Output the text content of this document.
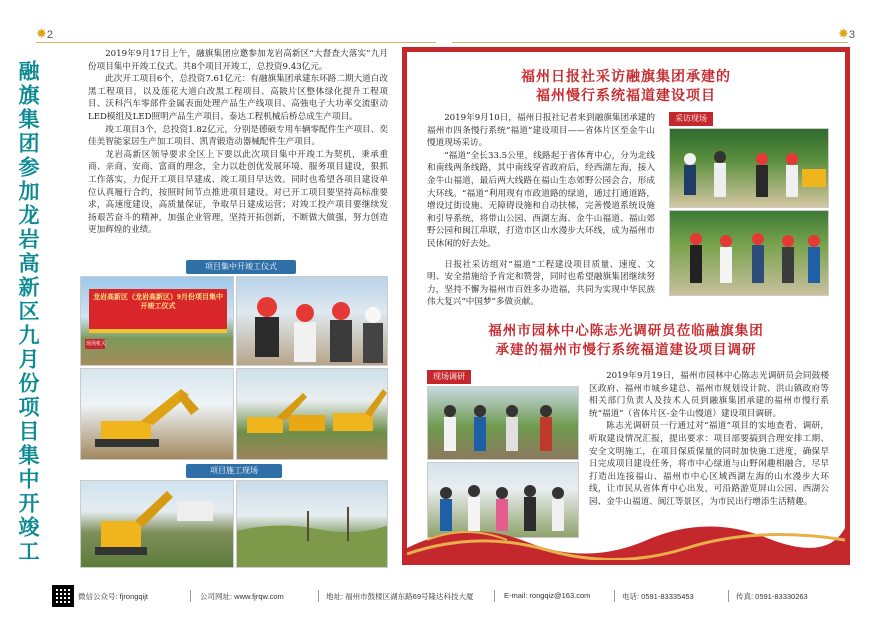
✸2
融旗集团参加龙岩高新区九月份项目集中开竣工

2019年9月17日上午，融旗集团应邀参加龙岩高新区“大督查大落实”九月份项目集中开竣工仪式。共8个项目开竣工，总投资9.43亿元。

此次开工项目6个，总投资7.61亿元：有融旗集团承建东环路二期大道白改黑工程项目，以及莲花大道白改黑工程项目、高陂片区整体绿化提升工程项目、沃科汽车零部件金属表面处理产品生产线项目、高強电子大功率交流驱动LED模组及LED照明产品生产项目、泰达工程机械后桥总成生产项目。

竣工项目3个，总投资1.82亿元，分别是德硕专用车辆零配件生产项目、奕佳美智能家居生产加工项目、凯青锻造动器械配件生产项目。

龙岩高新区领导要求全区上下要以此次项目集中开竣工为契机，秉承重商、亲商、安商、富商的理念，全力以赴创优发展环境、服务项目建设，狠抓工作落实，力促开工项目早建成、竣工项目早达效。同时也希望各项目建设单位认真履行合约，按照时间节点推进项目建设。对已开工项目要坚持高标准要求，高速度建设，高质量保证，争取早日建成运营；对竣工投产项目要继续发扬艰苦奋斗的精神，加强企业管理，坚持开拓创新，不断做大做强，努力创造更加辉煌的业绩。

项目集中开竣工仪式
龙岩高新区（龙岩高新区）9月份项目集中开竣工仪式
现场机关
项目施工现场
✸3
福州日报社采访融旗集团承建的
福州慢行系统福道建设项目

2019年9月10日，福州日报社记者来到融旗集团承建的福州市四条慢行系统“福道”建设项目——省体片区至金牛山慢道现场采访。

“福道”全长33.5公里，线路起于省体育中心，分为北线和南线两条线路，其中南线穿省政府后，经西湖左海，接入金牛山福道，最后两大线路在福山生态郊野公园会合，形成大环线。“福道”利用现有市政道路的绿道，通过打通道路，增设过街设施、无障碍设施和自动扶梯，完善慢道系统设施和引导系统，将带山公园、西湖左海、金牛山福道、福山郊野公园和闽江串联，打造市区山水漫步大环线，成为福州市民休闲的好去处。

日报社采访组对“福道”工程建设项目质量、速度、文明、安全措施给予肯定和赞誉，同时也希望融旗集团继续努力，坚持不懈为福州市百姓多办造福，共同为实现中华民族伟大复兴“中国梦”多做贡献。

采访现场
福州市园林中心陈志光调研员莅临融旗集团
承建的福州市慢行系统福道建设项目调研
现场调研	2019年9月19日，福州市园林中心陈志光调研员会同鼓楼区政府、福州市城乡建总、福州市规划设计院、洪山镇政府等相关部门负责人及技术人员到融旗集团承建的福州市慢行系统“福道”（省体片区-金牛山慢道）建设项目调研。

陈志光调研员一行通过对“福道”项目的实地查看、调研，听取建设情况汇报，提出要求：项目部要搞到合理安排工期、安全文明施工，在项目保质保量的同时加快施工进度，确保早日完成项目建设任务，将市中心绿道与山野闲趣相融合，尽早打造出连接福山、福州市中心区域西湖左海的山水漫步大环线，让市民从省体育中心出发，可沿路游览屏山公园、西湖公园、金牛山福道、闽江等景区，为市民出行增添生活精趣。

微信公众号: fjrongqijt	公司网址: www.fjrqw.com	地址: 福州市鼓楼区湖东路69号隆达科技大厦	E-mail: rongqiz@163.com	电话: 0591-83335453	传真: 0591-83330263
